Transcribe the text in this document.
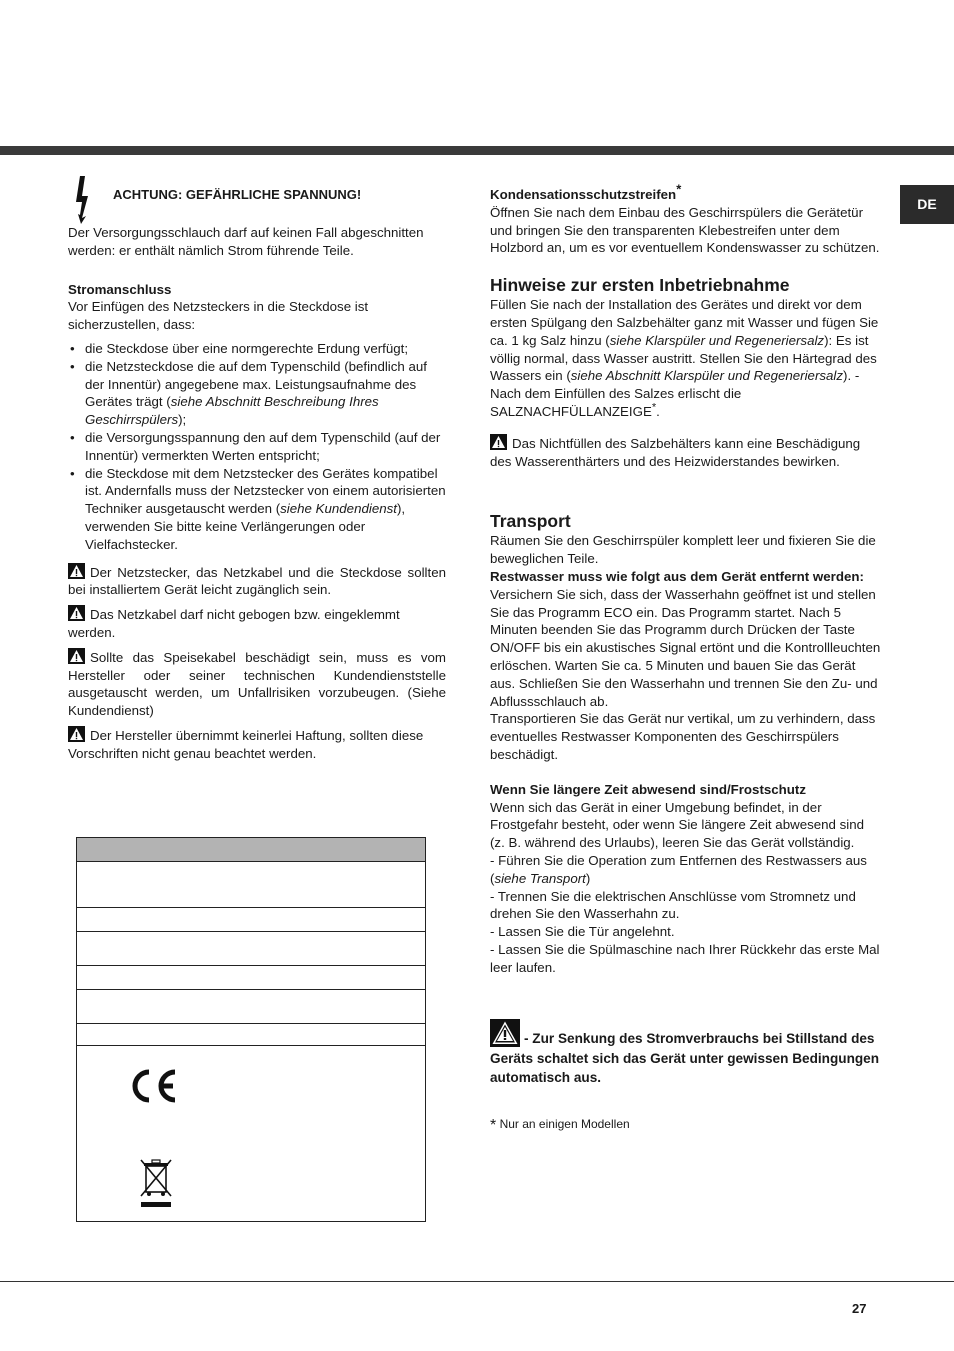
DE

ACHTUNG: GEFÄHRLICHE SPANNUNG!

Der Versorgungsschlauch darf auf keinen Fall abgeschnitten werden: er enthält nämlich Strom führende Teile.

Stromanschluss

Vor Einfügen des Netzsteckers in die Steckdose ist sicherzustellen, dass:

• die Steckdose über eine normgerechte Erdung verfügt;
• die Netzsteckdose die auf dem Typenschild (befindlich auf der Innentür) angegebene max. Leistungsaufnahme des Gerätes trägt (siehe Abschnitt Beschreibung Ihres Geschirrspülers);
• die Versorgungsspannung den auf dem Typenschild (auf der Innentür) vermerkten Werten entspricht;
• die Steckdose mit dem Netzstecker des Gerätes kompatibel ist. Andernfalls muss der Netzstecker von einem autorisierten Techniker ausgetauscht werden (siehe Kundendienst), verwenden Sie bitte keine Verlängerungen oder Vielfachstecker.

Der Netzstecker, das Netzkabel und die Steckdose sollten bei installiertem Gerät leicht zugänglich sein.

Das Netzkabel darf nicht gebogen bzw. eingeklemmt werden.

Sollte das Speisekabel beschädigt sein, muss es vom Hersteller oder seiner technischen Kundendienststelle ausgetauscht werden, um Unfallrisiken vorzubeugen. (Siehe Kundendienst)

Der Hersteller übernimmt keinerlei Haftung, sollten diese Vorschriften nicht genau beachtet werden.

Kondensationsschutzstreifen*

Öffnen Sie nach dem Einbau des Geschirrspülers die Gerätetür und bringen Sie den transparenten Klebestreifen unter dem Holzbord an, um es vor eventuellem Kondenswasser zu schützen.

Hinweise zur ersten Inbetriebnahme

Füllen Sie nach der Installation des Gerätes und direkt vor dem ersten Spülgang den Salzbehälter ganz mit Wasser und fügen Sie ca. 1 kg Salz hinzu (siehe Klarspüler und Regeneriersalz): Es ist völlig normal, dass Wasser austritt. Stellen Sie den Härtegrad des Wassers ein (siehe Abschnitt Klarspüler und Regeneriersalz). - Nach dem Einfüllen des Salzes erlischt die SALZNACHFÜLLANZEIGE*.

Das Nichtfüllen des Salzbehälters kann eine Beschädigung des Wasserenthärters und des Heizwiderstandes bewirken.

Transport

Räumen Sie den Geschirrspüler komplett leer und fixieren Sie die beweglichen Teile.

Restwasser muss wie folgt aus dem Gerät entfernt werden:

Versichern Sie sich, dass der Wasserhahn geöffnet ist und stellen Sie das Programm ECO ein. Das Programm startet. Nach 5 Minuten beenden Sie das Programm durch Drücken der Taste ON/OFF bis ein akustisches Signal ertönt und die Kontrollleuchten erlöschen. Warten Sie ca. 5 Minuten und bauen Sie das Gerät aus. Schließen Sie den Wasserhahn und trennen Sie den Zu- und Abflussschlauch ab.

Transportieren Sie das Gerät nur vertikal, um zu verhindern, dass eventuelles Restwasser Komponenten des Geschirrspülers beschädigt.

Wenn Sie längere Zeit abwesend sind/Frostschutz

Wenn sich das Gerät in einer Umgebung befindet, in der Frostgefahr besteht, oder wenn Sie längere Zeit abwesend sind (z. B. während des Urlaubs), leeren Sie das Gerät vollständig.

- Führen Sie die Operation zum Entfernen des Restwassers aus (siehe Transport)

- Trennen Sie die elektrischen Anschlüsse vom Stromnetz und drehen Sie den Wasserhahn zu.

- Lassen Sie die Tür angelehnt.

- Lassen Sie die Spülmaschine nach Ihrer Rückkehr das erste Mal leer laufen.

- Zur Senkung des Stromverbrauchs bei Stillstand des Geräts schaltet sich das Gerät unter gewissen Bedingungen automatisch aus.

* Nur an einigen Modellen

27
